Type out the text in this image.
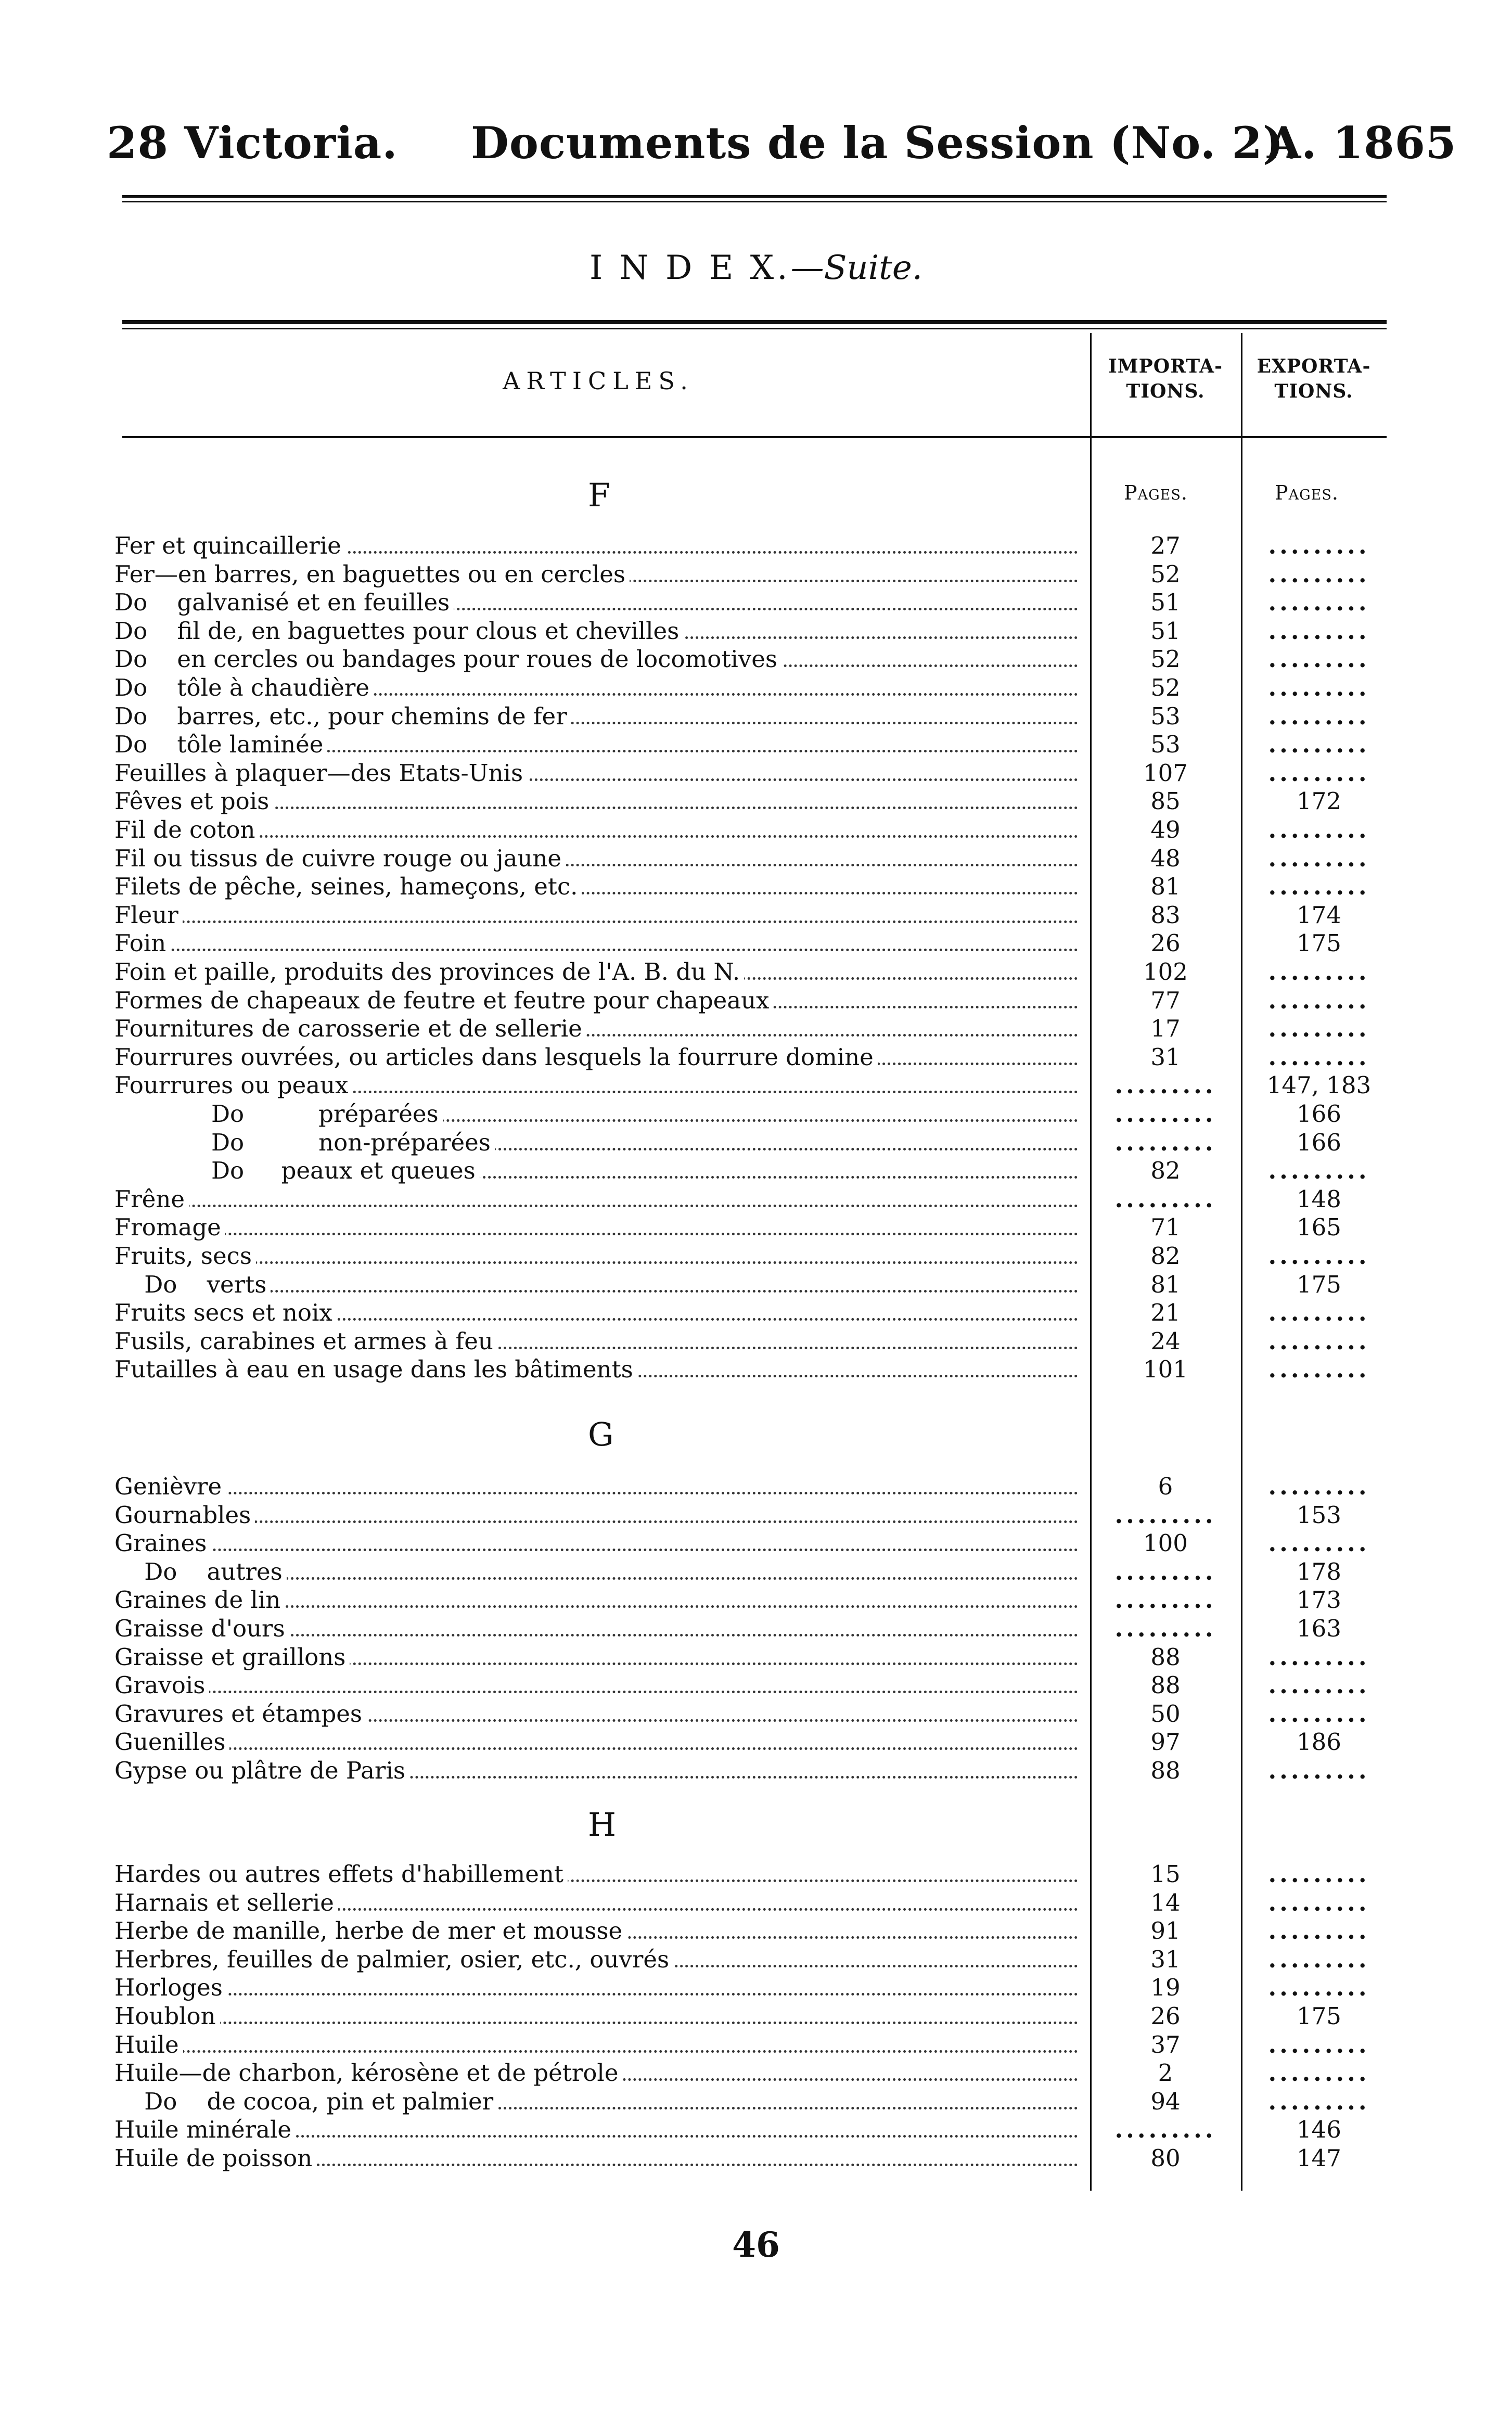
28 Victoria. Documents de la Session (No. 2).
A. 1865
I N D E X.—Suite.
ARTICLES.
IMPORTA-
TIONS.
EXPORTA-
TIONS.
F	Pages.	Pages.
Fer et quincaillerie	27	.........
Fer—en barres, en baguettes ou en cercles	52	.........
Do    galvanisé et en feuilles	51	.........
Do    fil de, en baguettes pour clous et chevilles	51	.........
Do    en cercles ou bandages pour roues de locomotives	52	.........
Do    tôle à chaudière	52	.........
Do    barres, etc., pour chemins de fer	53	.........
Do    tôle laminée	53	.........
Feuilles à plaquer—des Etats-Unis	107	.........
Fêves et pois	85	172
Fil de coton	49	.........
Fil ou tissus de cuivre rouge ou jaune	48	.........
Filets de pêche, seines, hameçons, etc.	81	.........
Fleur	83	174
Foin	26	175
Foin et paille, produits des provinces de l'A. B. du N.	102	.........
Formes de chapeaux de feutre et feutre pour chapeaux	77	.........
Fournitures de carosserie et de sellerie	17	.........
Fourrures ouvrées, ou articles dans lesquels la fourrure domine	31	.........
Fourrures ou peaux	.........	147, 183
Do          préparées	.........	166
Do          non-préparées	.........	166
Do     peaux et queues	82	.........
Frêne	.........	148
Fromage	71	165
Fruits, secs	82	.........
Do    verts	81	175
Fruits secs et noix	21	.........
Fusils, carabines et armes à feu	24	.........
Futailles à eau en usage dans les bâtiments	101	.........
G
Genièvre	6	.........
Gournables	.........	153
Graines	100	.........
Do    autres	.........	178
Graines de lin	.........	173
Graisse d'ours	.........	163
Graisse et graillons	88	.........
Gravois	88	.........
Gravures et étampes	50	.........
Guenilles	97	186
Gypse ou plâtre de Paris	88	.........
H
Hardes ou autres effets d'habillement	15	.........
Harnais et sellerie	14	.........
Herbe de manille, herbe de mer et mousse	91	.........
Herbres, feuilles de palmier, osier, etc., ouvrés	31	.........
Horloges	19	.........
Houblon	26	175
Huile	37	.........
Huile—de charbon, kérosène et de pétrole	2	.........
Do    de cocoa, pin et palmier	94	.........
Huile minérale	.........	146
Huile de poisson	80	147
46
